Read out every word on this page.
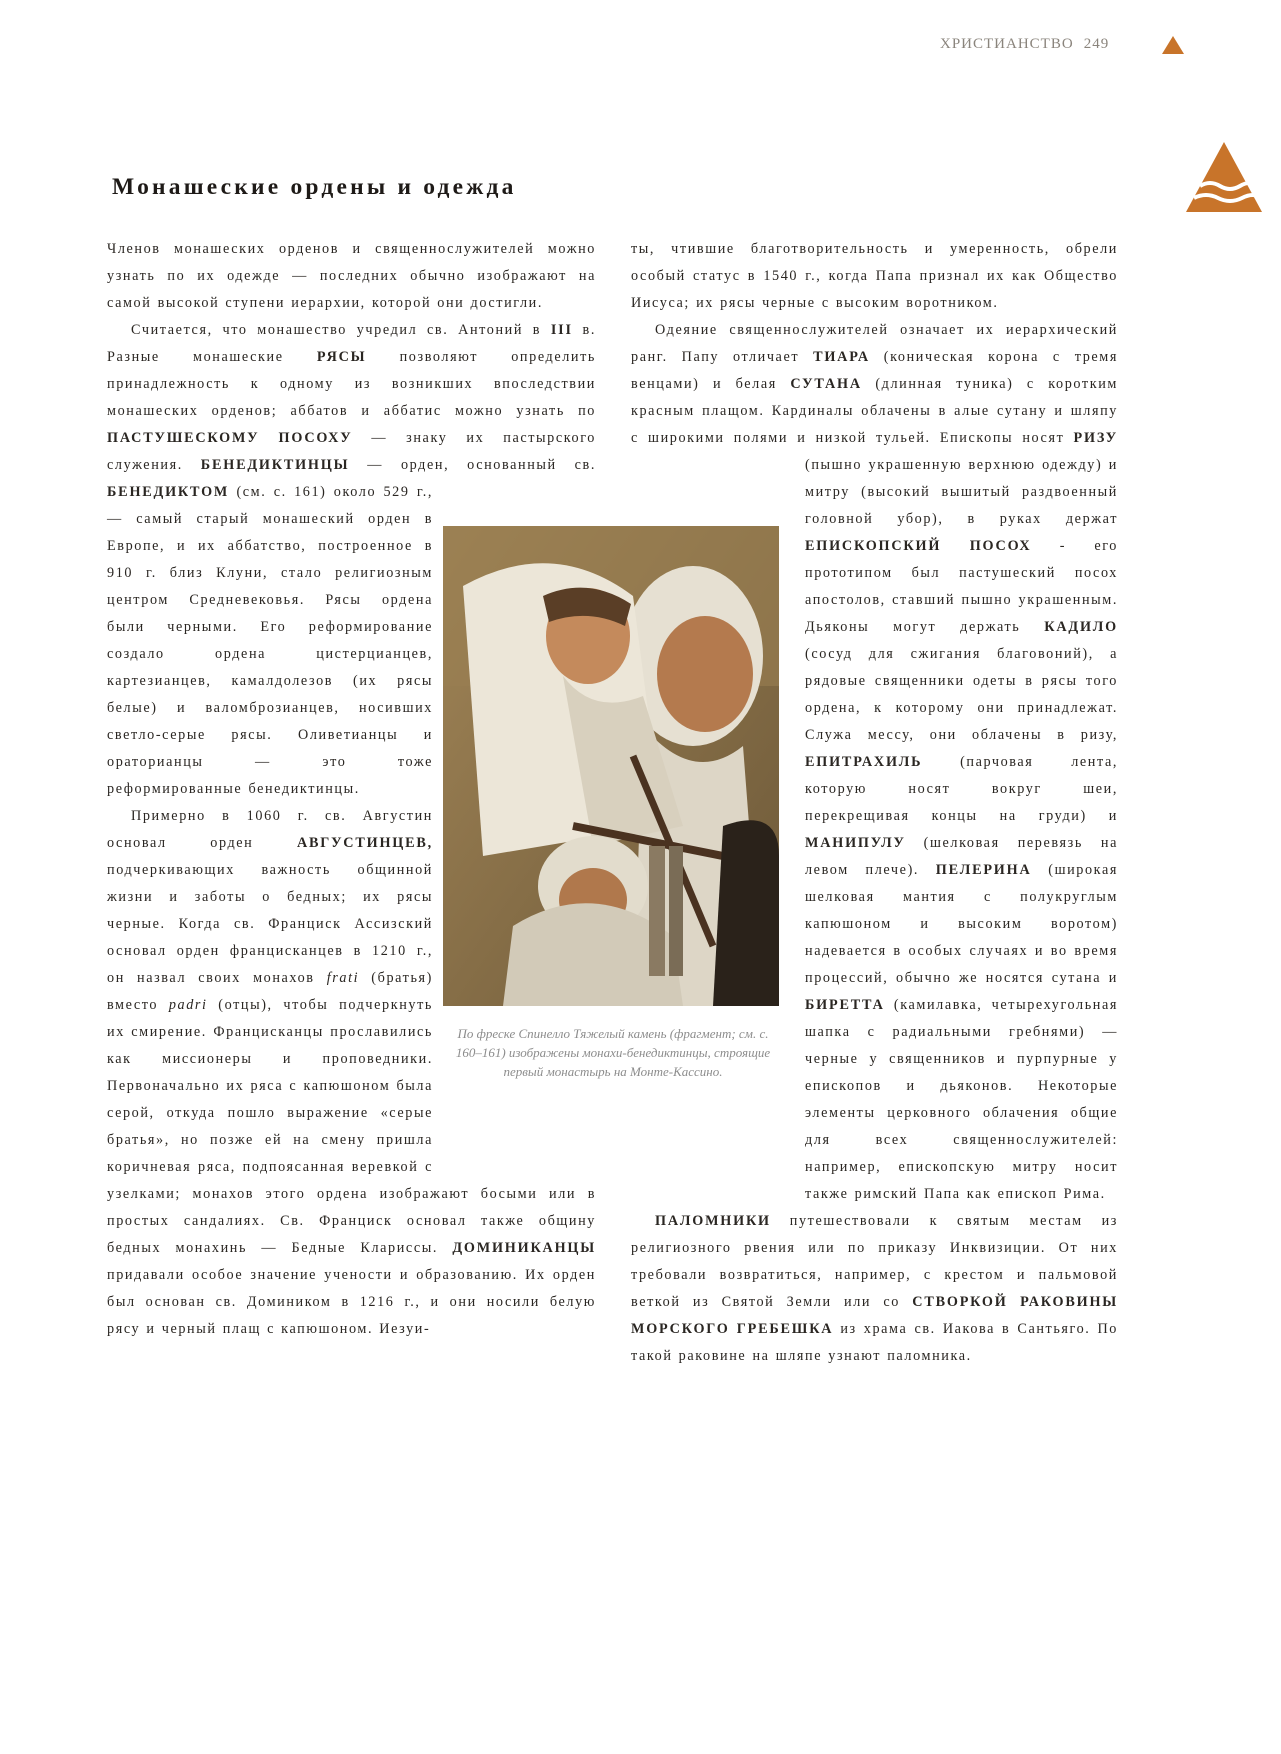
ХРИСТИАНСТВО 249
Монашеские ордены и одежда

Членов монашеских орденов и священнослужителей можно узнать по их одежде — последних обычно изображают на самой высокой ступени иерархии, которой они достигли.

Считается, что монашество учредил св. Антоний в III в. Разные монашеские РЯСЫ позволяют определить принадлежность к одному из возникших впоследствии монашеских орденов; аббатов и аббатис можно узнать по ПАСТУШЕСКОМУ ПОСОХУ — знаку их пастырского служения. БЕНЕДИКТИНЦЫ — орден, основанный св. БЕНЕДИКТОМ (см. с. 161) около 529 г., — самый старый монашеский орден в Европе, и их аббатство, построенное в 910 г. близ Клуни, стало религиозным центром Средневековья. Рясы ордена были черными. Его реформирование создало ордена цистерцианцев, картезианцев, камалдолезов (их рясы белые) и валомброзианцев, носивших светло-серые рясы. Оливетианцы и ораторианцы — это тоже реформированные бенедиктинцы.

Примерно в 1060 г. св. Августин основал орден АВГУСТИНЦЕВ, подчеркивающих важность общинной жизни и заботы о бедных; их рясы черные. Когда св. Франциск Ассизский основал орден францисканцев в 1210 г., он назвал своих монахов frati (братья) вместо padri (отцы), чтобы подчеркнуть их смирение. Францисканцы прославились как миссионеры и проповедники. Первоначально их ряса с капюшоном была серой, откуда пошло выражение «серые братья», но позже ей на смену пришла коричневая ряса, подпоясанная веревкой с узелками; монахов этого ордена изображают босыми или в простых сандалиях. Св. Франциск основал также общину бедных монахинь — Бедные Клариссы. ДОМИНИКАНЦЫ придавали особое значение учености и образованию. Их орден был основан св. Домиником в 1216 г., и они носили белую рясу и черный плащ с капюшоном. Иезуи-

ты, чтившие благотворительность и умеренность, обрели особый статус в 1540 г., когда Папа признал их как Общество Иисуса; их рясы черные с высоким воротником.

Одеяние священнослужителей означает их иерархический ранг. Папу отличает ТИАРА (коническая корона с тремя венцами) и белая СУТАНА (длинная туника) с коротким красным плащом. Кардиналы облачены в алые сутану и шляпу с широкими полями и низкой тульей. Епископы носят РИЗУ (пышно украшенную верхнюю одежду) и митру (высокий вышитый раздвоенный головной убор), в руках держат ЕПИСКОПСКИЙ ПОСОХ - его прототипом был пастушеский посох апостолов, ставший пышно украшенным. Дьяконы могут держать КАДИЛО (сосуд для сжигания благовоний), а рядовые священники одеты в рясы того ордена, к которому они принадлежат. Служа мессу, они облачены в ризу, ЕПИТРАХИЛЬ (парчовая лента, которую носят вокруг шеи, перекрещивая концы на груди) и МАНИПУЛУ (шелковая перевязь на левом плече). ПЕЛЕРИНА (широкая шелковая мантия с полукруглым капюшоном и высоким воротом) надевается в особых случаях и во время процессий, обычно же носятся сутана и БИРЕТТА (камилавка, четырехугольная шапка с радиальными гребнями) — черные у священников и пурпурные у епископов и дьяконов. Некоторые элементы церковного облачения общие для всех священнослужителей: например, епископскую митру носит также римский Папа как епископ Рима.

ПАЛОМНИКИ путешествовали к святым местам из религиозного рвения или по приказу Инквизиции. От них требовали возвратиться, например, с крестом и пальмовой веткой из Святой Земли или со СТВОРКОЙ РАКОВИНЫ МОРСКОГО ГРЕБЕШКА из храма св. Иакова в Сантьяго. По такой раковине на шляпе узнают паломника.

По фреске Спинелло Тяжелый камень (фрагмент; см. с. 160–161) изображены монахи-бенедиктинцы, строящие первый монастырь на Монте-Кассино.
